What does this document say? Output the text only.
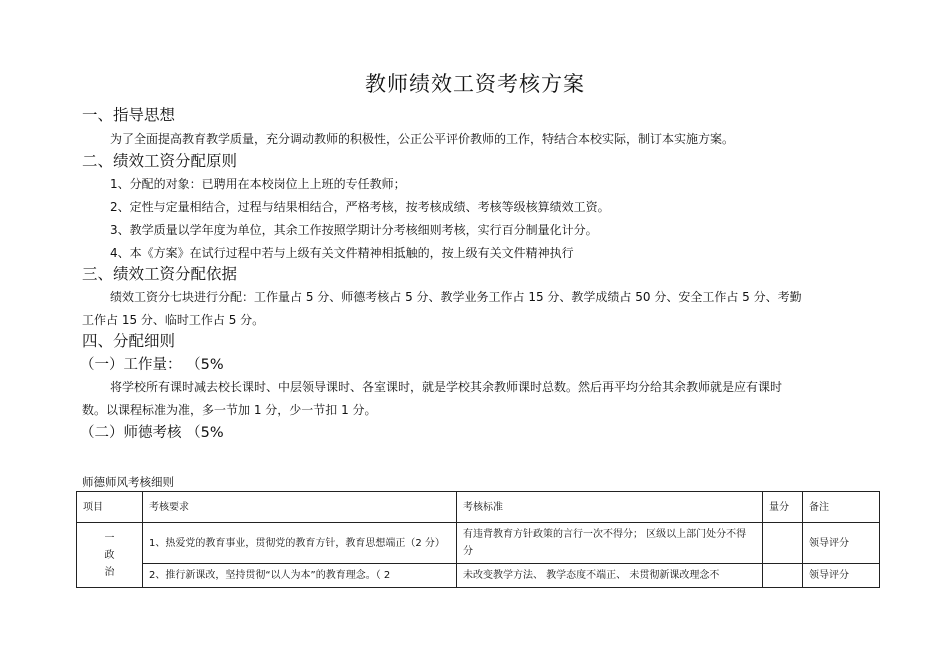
教师绩效工资考核方案
一、指导思想
为了全面提高教育教学质量，充分调动教师的积极性，公正公平评价教师的工作，特结合本校实际，制订本实施方案。
二、绩效工资分配原则
1、分配的对象：已聘用在本校岗位上上班的专任教师；
2、定性与定量相结合，过程与结果相结合，严格考核，按考核成绩、考核等级核算绩效工资。
3、教学质量以学年度为单位，其余工作按照学期计分考核细则考核，实行百分制量化计分。
4、本《方案》在试行过程中若与上级有关文件精神相抵触的，按上级有关文件精神执行
三、绩效工资分配依据
绩效工资分七块进行分配：工作量占 5 分、师德考核占 5 分、教学业务工作占 15 分、教学成绩占 50 分、安全工作占 5 分、考勤
工作占 15 分、临时工作占 5 分。
四、分配细则
（一）工作量： （5%
将学校所有课时减去校长课时、中层领导课时、各室课时，就是学校其余教师课时总数。然后再平均分给其余教师就是应有课时
数。以课程标准为准，多一节加 1 分，少一节扣 1 分。
（二）师德考核 （5%
师德师风考核细则
项目	考核要求	考核标准	量分	备注

一
政
治	1、热爱党的教育事业，贯彻党的教育方针，教育思想端正（2 分）	有违背教育方针政策的言行一次不得分； 区级以上部门处分不得分		领导评分
	2、推行新课改，坚持贯彻“以人为本”的教育理念。（ 2	未改变教学方法、 教学态度不端正、 未贯彻新课改理念不		领导评分
